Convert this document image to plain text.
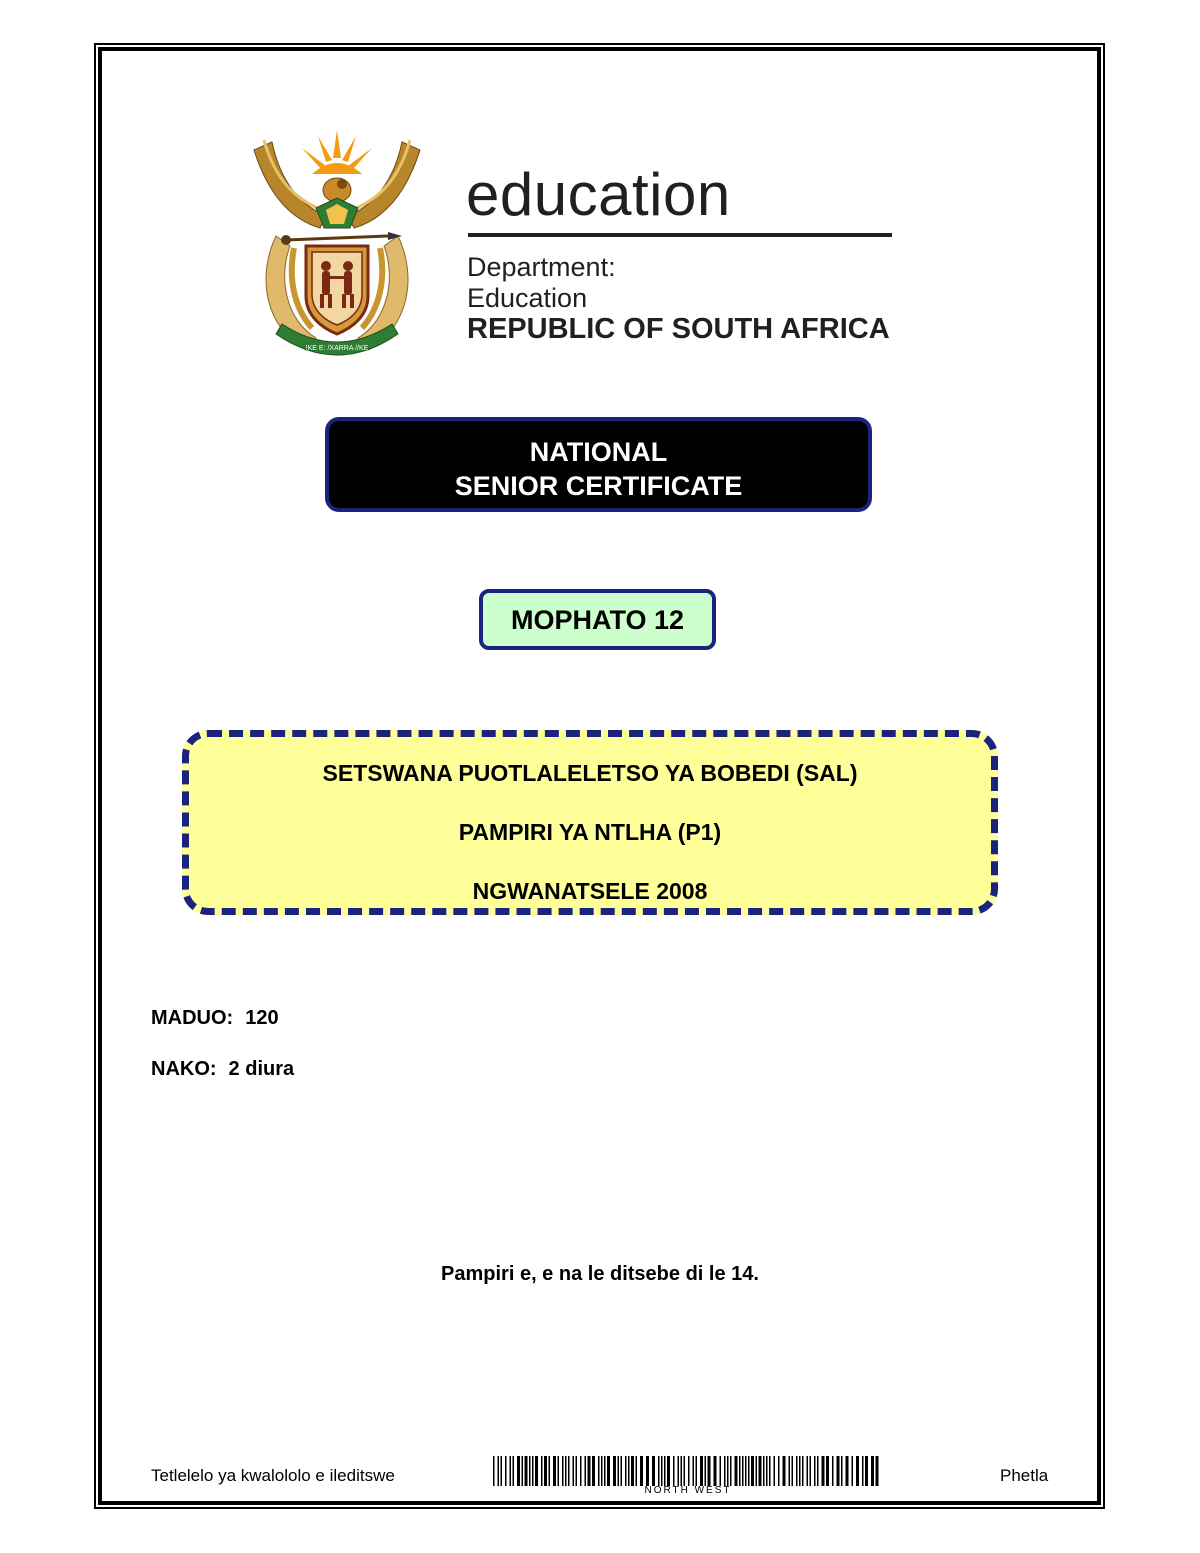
!KE E: /XARRA //KE
education
Department:
Education
REPUBLIC OF SOUTH AFRICA
NATIONAL
SENIOR CERTIFICATE
MOPHATO 12
SETSWANA PUOTLALELETSO YA BOBEDI (SAL)
PAMPIRI YA NTLHA (P1)
NGWANATSELE 2008
MADUO: 120
NAKO: 2 diura
Pampiri e, e na le ditsebe di le 14.
Tetlelelo ya kwalololo e ileditswe
NORTH WEST
Phetla
